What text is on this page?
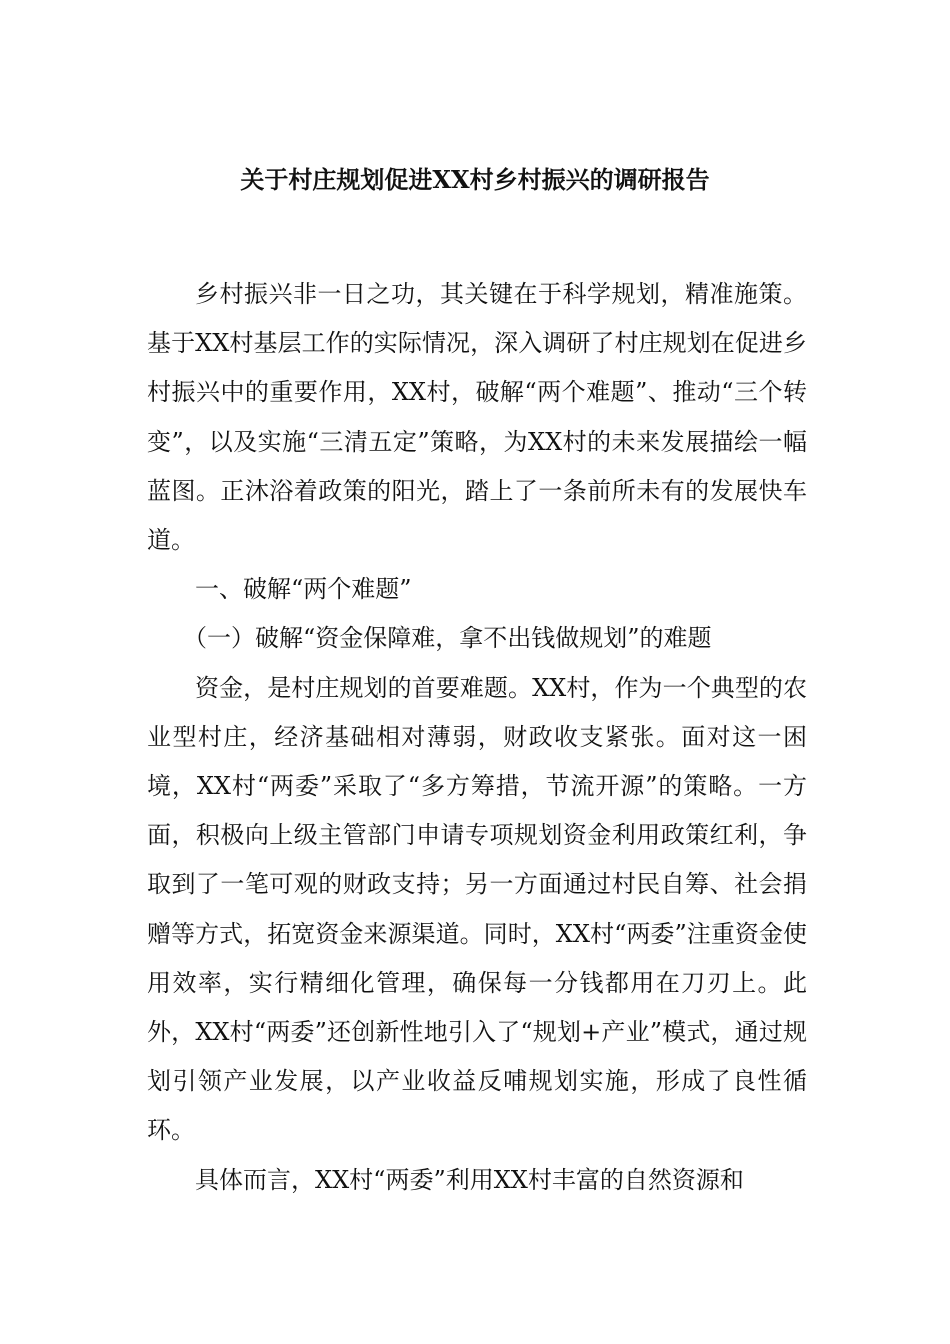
关于村庄规划促进XX村乡村振兴的调研报告

乡村振兴非一日之功，其关键在于科学规划，精准施策。基于XX村基层工作的实际情况，深入调研了村庄规划在促进乡村振兴中的重要作用，XX村，破解“两个难题”、推动“三个转变”，以及实施“三清五定”策略，为XX村的未来发展描绘一幅蓝图。正沐浴着政策的阳光，踏上了一条前所未有的发展快车道。

一、破解“两个难题”

（一）破解“资金保障难，拿不出钱做规划”的难题

资金，是村庄规划的首要难题。XX村，作为一个典型的农业型村庄，经济基础相对薄弱，财政收支紧张。面对这一困境，XX村“两委”采取了“多方筹措，节流开源”的策略。一方面，积极向上级主管部门申请专项规划资金利用政策红利，争取到了一笔可观的财政支持；另一方面通过村民自筹、社会捐赠等方式，拓宽资金来源渠道。同时，XX村“两委”注重资金使用效率，实行精细化管理，确保每一分钱都用在刀刃上。此外，XX村“两委”还创新性地引入了“规划+产业”模式，通过规划引领产业发展，以产业收益反哺规划实施，形成了良性循环。

具体而言，XX村“两委”利用XX村丰富的自然资源和
